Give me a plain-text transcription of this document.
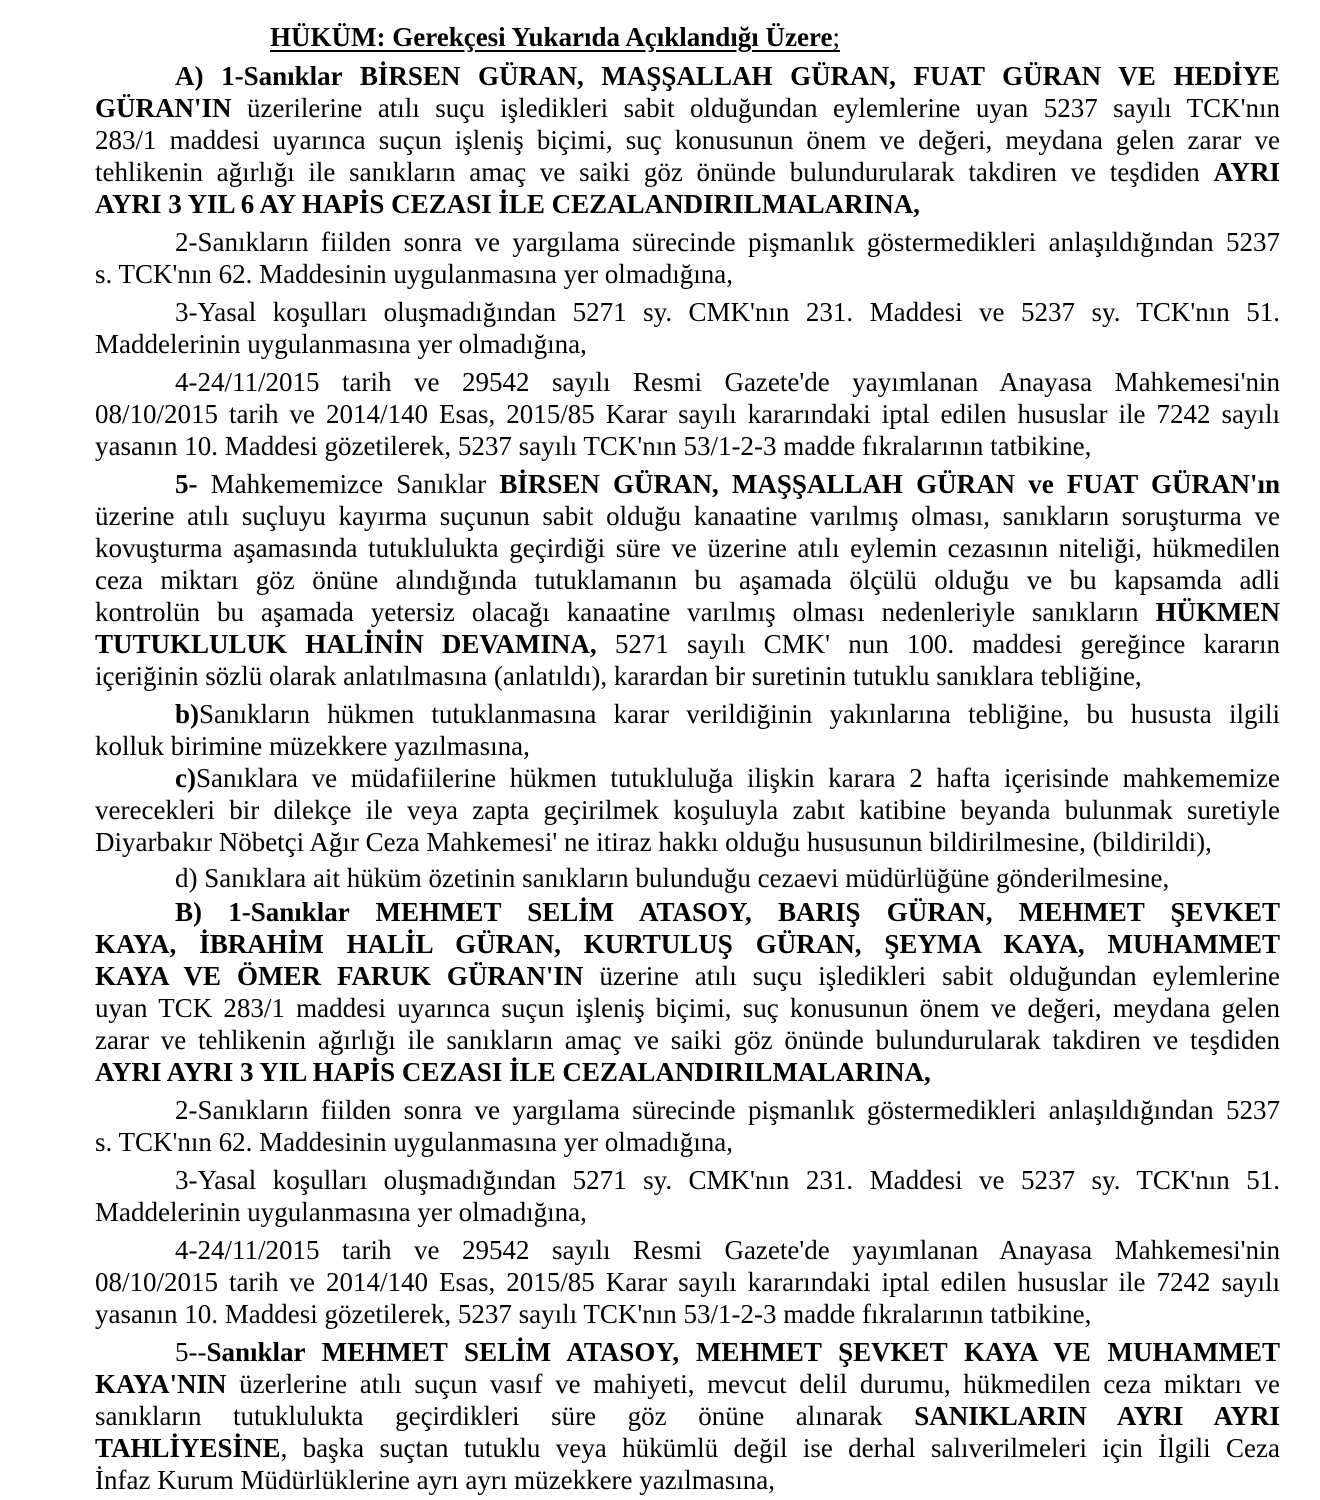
HÜKÜM: Gerekçesi Yukarıda Açıklandığı Üzere;
A) 1-Sanıklar BİRSEN GÜRAN, MAŞŞALLAH GÜRAN, FUAT GÜRAN VE HEDİYE
GÜRAN'IN üzerilerine atılı suçu işledikleri sabit olduğundan eylemlerine uyan 5237 sayılı TCK'nın
283/1 maddesi uyarınca suçun işleniş biçimi, suç konusunun önem ve değeri, meydana gelen zarar ve
tehlikenin ağırlığı ile sanıkların amaç ve saiki göz önünde bulundurularak takdiren ve teşdiden AYRI
AYRI 3 YIL 6 AY HAPİS CEZASI İLE CEZALANDIRILMALARINA,
2-Sanıkların fiilden sonra ve yargılama sürecinde pişmanlık göstermedikleri anlaşıldığından 5237
s. TCK'nın 62. Maddesinin uygulanmasına yer olmadığına,
3-Yasal koşulları oluşmadığından 5271 sy. CMK'nın 231. Maddesi ve 5237 sy. TCK'nın 51.
Maddelerinin uygulanmasına yer olmadığına,
4-24/11/2015 tarih ve 29542 sayılı Resmi Gazete'de yayımlanan Anayasa Mahkemesi'nin
08/10/2015 tarih ve 2014/140 Esas, 2015/85 Karar sayılı kararındaki iptal edilen hususlar ile 7242 sayılı
yasanın 10. Maddesi gözetilerek, 5237 sayılı TCK'nın 53/1-2-3 madde fıkralarının tatbikine,
5- Mahkememizce Sanıklar BİRSEN GÜRAN, MAŞŞALLAH GÜRAN ve FUAT GÜRAN'ın
üzerine atılı suçluyu kayırma suçunun sabit olduğu kanaatine varılmış olması, sanıkların soruşturma ve
kovuşturma aşamasında tutuklulukta geçirdiği süre ve üzerine atılı eylemin cezasının niteliği, hükmedilen
ceza miktarı göz önüne alındığında tutuklamanın bu aşamada ölçülü olduğu ve bu kapsamda adli
kontrolün bu aşamada yetersiz olacağı kanaatine varılmış olması nedenleriyle sanıkların HÜKMEN
TUTUKLULUK HALİNİN DEVAMINA, 5271 sayılı CMK' nun 100. maddesi gereğince kararın
içeriğinin sözlü olarak anlatılmasına (anlatıldı), karardan bir suretinin tutuklu sanıklara tebliğine,
b)Sanıkların hükmen tutuklanmasına karar verildiğinin yakınlarına tebliğine, bu hususta ilgili
kolluk birimine müzekkere yazılmasına,
c)Sanıklara ve müdafiilerine hükmen tutukluluğa ilişkin karara 2 hafta içerisinde mahkememize
verecekleri bir dilekçe ile veya zapta geçirilmek koşuluyla zabıt katibine beyanda bulunmak suretiyle
Diyarbakır Nöbetçi Ağır Ceza Mahkemesi' ne itiraz hakkı olduğu hususunun bildirilmesine, (bildirildi),
d) Sanıklara ait hüküm özetinin sanıkların bulunduğu cezaevi müdürlüğüne gönderilmesine,
B) 1-Sanıklar MEHMET SELİM ATASOY, BARIŞ GÜRAN, MEHMET ŞEVKET
KAYA, İBRAHİM HALİL GÜRAN, KURTULUŞ GÜRAN, ŞEYMA KAYA, MUHAMMET
KAYA VE ÖMER FARUK GÜRAN'IN üzerine atılı suçu işledikleri sabit olduğundan eylemlerine
uyan TCK 283/1 maddesi uyarınca suçun işleniş biçimi, suç konusunun önem ve değeri, meydana gelen
zarar ve tehlikenin ağırlığı ile sanıkların amaç ve saiki göz önünde bulundurularak takdiren ve teşdiden
AYRI AYRI 3 YIL HAPİS CEZASI İLE CEZALANDIRILMALARINA,
2-Sanıkların fiilden sonra ve yargılama sürecinde pişmanlık göstermedikleri anlaşıldığından 5237
s. TCK'nın 62. Maddesinin uygulanmasına yer olmadığına,
3-Yasal koşulları oluşmadığından 5271 sy. CMK'nın 231. Maddesi ve 5237 sy. TCK'nın 51.
Maddelerinin uygulanmasına yer olmadığına,
4-24/11/2015 tarih ve 29542 sayılı Resmi Gazete'de yayımlanan Anayasa Mahkemesi'nin
08/10/2015 tarih ve 2014/140 Esas, 2015/85 Karar sayılı kararındaki iptal edilen hususlar ile 7242 sayılı
yasanın 10. Maddesi gözetilerek, 5237 sayılı TCK'nın 53/1-2-3 madde fıkralarının tatbikine,
5--Sanıklar MEHMET SELİM ATASOY, MEHMET ŞEVKET KAYA VE MUHAMMET
KAYA'NIN üzerlerine atılı suçun vasıf ve mahiyeti, mevcut delil durumu, hükmedilen ceza miktarı ve
sanıkların tutuklulukta geçirdikleri süre göz önüne alınarak SANIKLARIN AYRI AYRI
TAHLİYESİNE, başka suçtan tutuklu veya hükümlü değil ise derhal salıverilmeleri için İlgili Ceza
İnfaz Kurum Müdürlüklerine ayrı ayrı müzekkere yazılmasına,
